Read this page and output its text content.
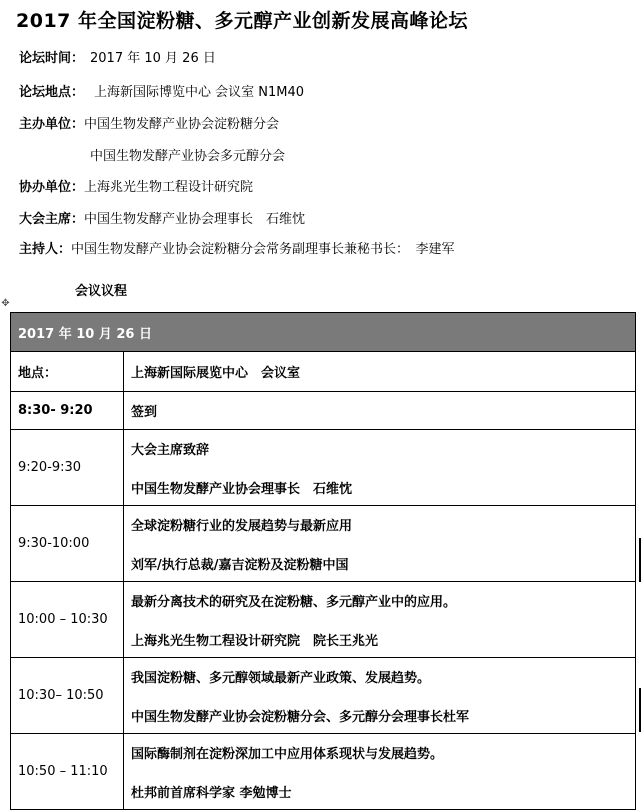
2017 年全国淀粉糖、多元醇产业创新发展高峰论坛
论坛时间： 2017 年 10 月 26 日
论坛地点： 上海新国际博览中心 会议室 N1M40
主办单位：中国生物发酵产业协会淀粉糖分会
中国生物发酵产业协会多元醇分会
协办单位：上海兆光生物工程设计研究院
大会主席：中国生物发酵产业协会理事长　石维忱
主持人：中国生物发酵产业协会淀粉糖分会常务副理事长兼秘书长：　李建军
会议议程
✥
2017 年 10 月 26 日	
地点：	上海新国际展览中心　会议室

8:30- 9:20	签到

9:20-9:30	大会主席致辞
中国生物发酵产业协会理事长　石维忱

9:30-10:00	全球淀粉糖行业的发展趋势与最新应用
刘军/执行总裁/嘉吉淀粉及淀粉糖中国

10:00 – 10:30	最新分离技术的研究及在淀粉糖、多元醇产业中的应用。
上海兆光生物工程设计研究院　院长王兆光

10:30– 10:50	我国淀粉糖、多元醇领域最新产业政策、发展趋势。
中国生物发酵产业协会淀粉糖分会、多元醇分会理事长杜军

10:50 – 11:10	国际酶制剂在淀粉深加工中应用体系现状与发展趋势。
杜邦前首席科学家 李勉博士
